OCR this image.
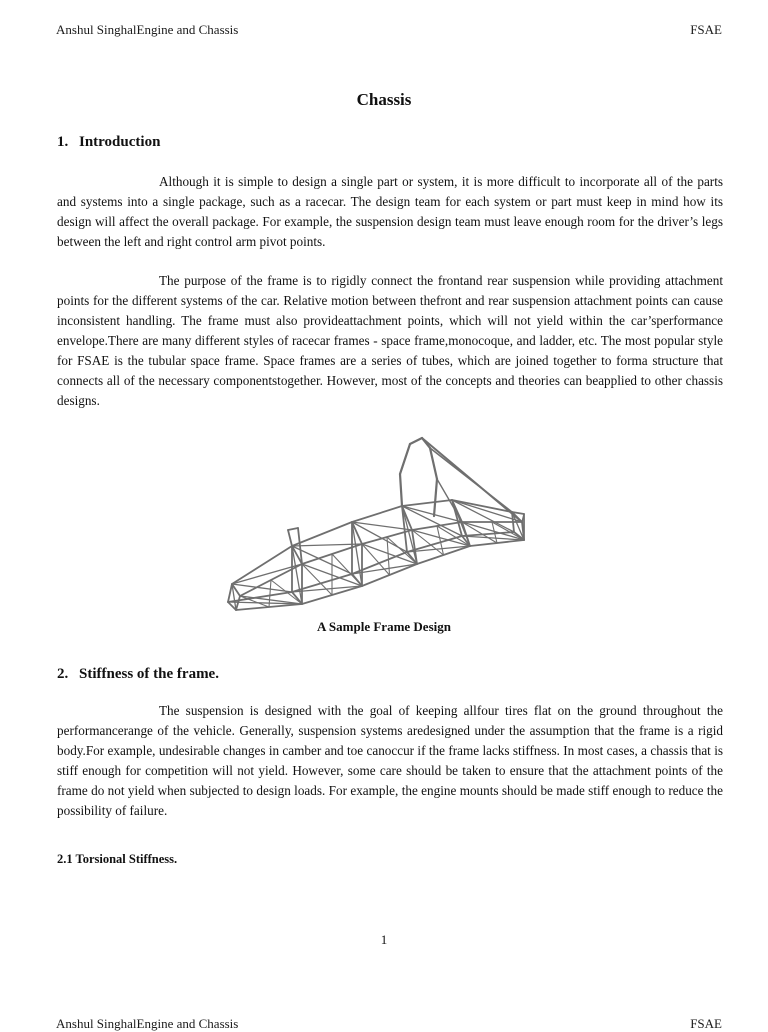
Anshul SinghalEngine and Chassis	FSAE
Chassis
1. Introduction

Although it is simple to design a single part or system, it is more difficult to incorporate all of the parts and systems into a single package, such as a racecar. The design team for each system or part must keep in mind how its design will affect the overall package. For example, the suspension design team must leave enough room for the driver’s legs between the left and right control arm pivot points.

The purpose of the frame is to rigidly connect the frontand rear suspension while providing attachment points for the different systems of the car. Relative motion between thefront and rear suspension attachment points can cause inconsistent handling. The frame must also provideattachment points, which will not yield within the car’sperformance envelope.There are many different styles of racecar frames - space frame,monocoque, and ladder, etc. The most popular style for FSAE is the tubular space frame. Space frames are a series of tubes, which are joined together to forma structure that connects all of the necessary componentstogether. However, most of the concepts and theories can beapplied to other chassis designs.

A Sample Frame Design
2. Stiffness of the frame.

The suspension is designed with the goal of keeping allfour tires flat on the ground throughout the performancerange of the vehicle. Generally, suspension systems aredesigned under the assumption that the frame is a rigid body.For example, undesirable changes in camber and toe canoccur if the frame lacks stiffness. In most cases, a chassis that is stiff enough for competition will not yield. However, some care should be taken to ensure that the attachment points of the frame do not yield when subjected to design loads. For example, the engine mounts should be made stiff enough to reduce the possibility of failure.

2.1 Torsional Stiffness.
1
Anshul SinghalEngine and Chassis	FSAE
